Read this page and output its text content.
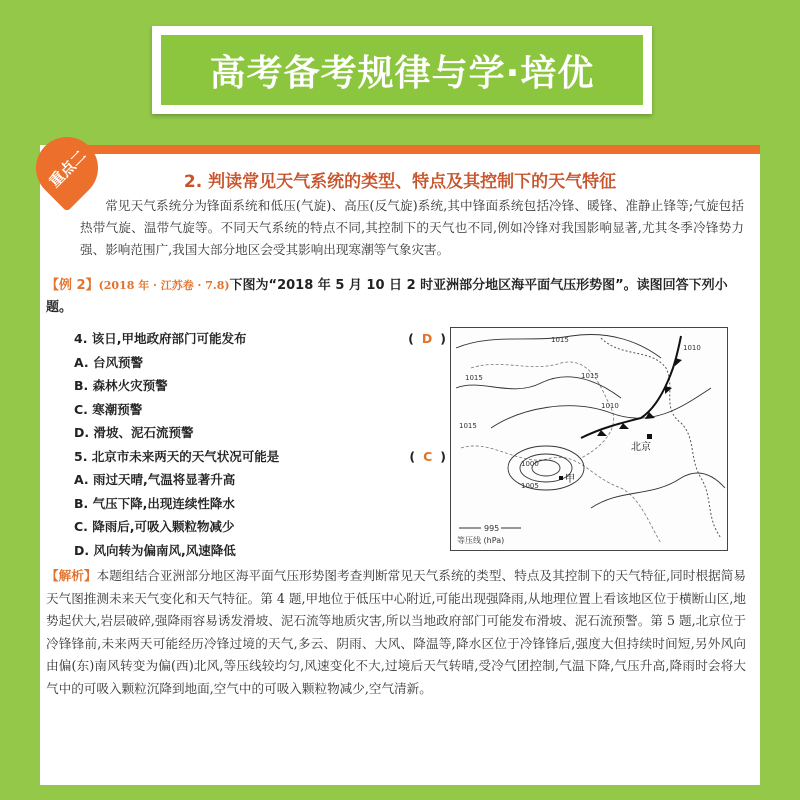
高考备考规律与学·培优
重点二	2. 判读常见天气系统的类型、特点及其控制下的天气特征
常见天气系统分为锋面系统和低压(气旋)、高压(反气旋)系统,其中锋面系统包括冷锋、暖锋、准静止锋等;气旋包括热带气旋、温带气旋等。不同天气系统的特点不同,其控制下的天气也不同,例如冷锋对我国影响显著,尤其冬季冷锋势力强、影响范围广,我国大部分地区会受其影响出现寒潮等气象灾害。
【例 2】(2018 年 · 江苏卷 · 7.8)下图为“2018 年 5 月 10 日 2 时亚洲部分地区海平面气压形势图”。读图回答下列小题。
4. 该日,甲地政府部门可能发布	( D )
A. 台风预警
B. 森林火灾预警
C. 寒潮预警
D. 滑坡、泥石流预警
5. 北京市未来两天的天气状况可能是	( C )
A. 雨过天晴,气温将显著升高
B. 气压下降,出现连续性降水
C. 降雨后,可吸入颗粒物减少
D. 风向转为偏南风,风速降低
北京
甲
1015
1015	1015
1010
1015
1010
1000
1005
995
等压线 (hPa)
【解析】本题组结合亚洲部分地区海平面气压形势图考查判断常见天气系统的类型、特点及其控制下的天气特征,同时根据简易天气图推测未来天气变化和天气特征。第 4 题,甲地位于低压中心附近,可能出现强降雨,从地理位置上看该地区位于横断山区,地势起伏大,岩层破碎,强降雨容易诱发滑坡、泥石流等地质灾害,所以当地政府部门可能发布滑坡、泥石流预警。第 5 题,北京位于冷锋锋前,未来两天可能经历冷锋过境的天气,多云、阴雨、大风、降温等,降水区位于冷锋锋后,强度大但持续时间短,另外风向由偏(东)南风转变为偏(西)北风,等压线较均匀,风速变化不大,过境后天气转晴,受冷气团控制,气温下降,气压升高,降雨时会将大气中的可吸入颗粒沉降到地面,空气中的可吸入颗粒物减少,空气清新。
